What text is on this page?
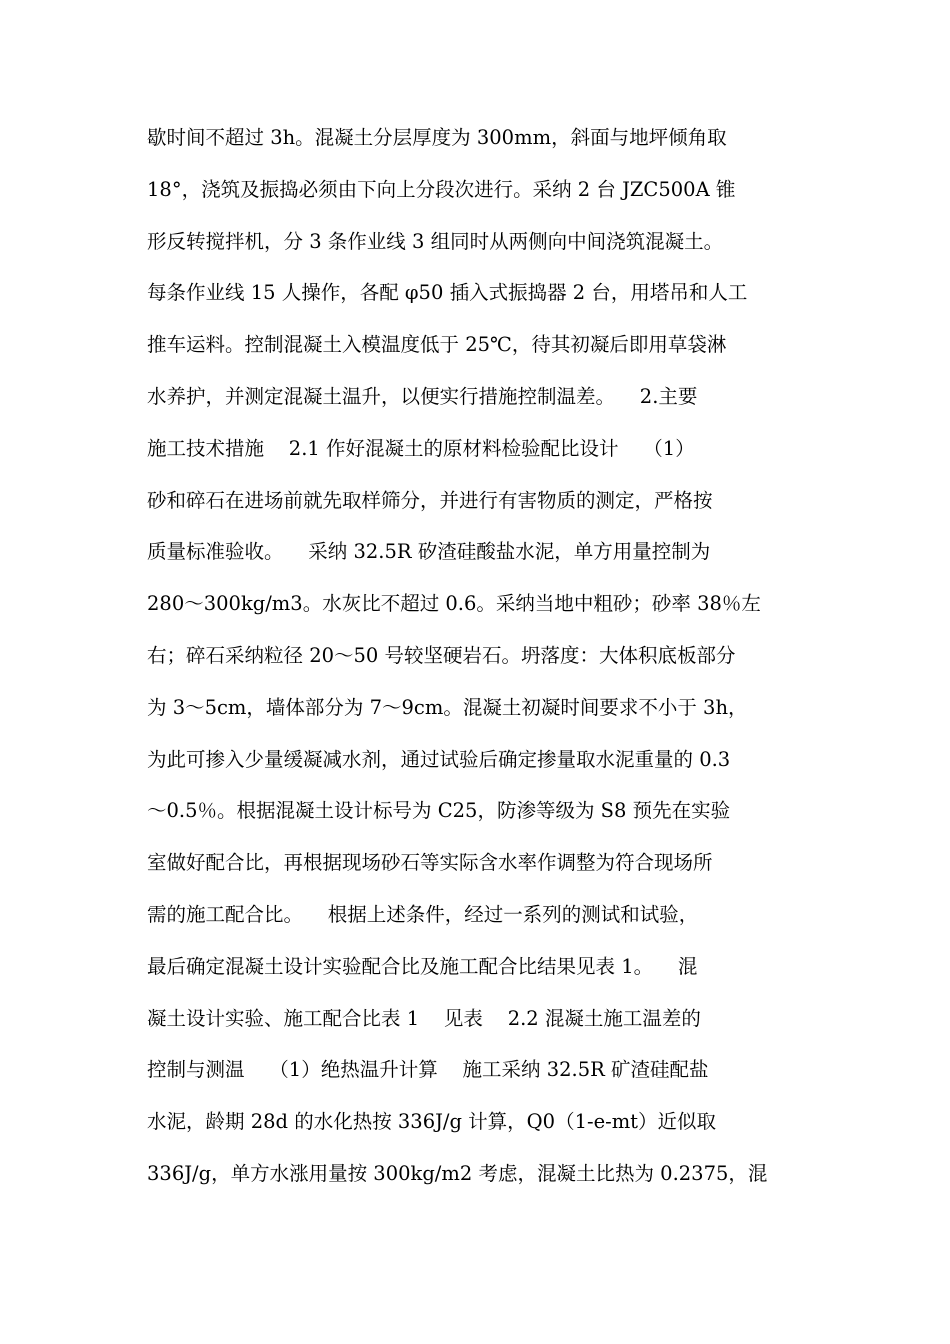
歇时间不超过 3h。混凝土分层厚度为 300mm，斜面与地坪倾角取
18°，浇筑及振捣必须由下向上分段次进行。采纳 2 台 JZC500A 锥
形反转搅拌机，分 3 条作业线 3 组同时从两侧向中间浇筑混凝土。
每条作业线 15 人操作，各配 φ50 插入式振捣器 2 台，用塔吊和人工
推车运料。控制混凝土入模温度低于 25℃，待其初凝后即用草袋淋
水养护，并测定混凝土温升，以便实行措施控制温差。    2.主要
施工技术措施    2.1 作好混凝土的原材料检验配比设计    （1）
砂和碎石在进场前就先取样筛分，并进行有害物质的测定，严格按
质量标准验收。    采纳 32.5R 矽渣硅酸盐水泥，单方用量控制为
280～300kg/m3。水灰比不超过 0.6。采纳当地中粗砂；砂率 38％左
右；碎石采纳粒径 20～50 号较坚硬岩石。坍落度：大体积底板部分
为 3～5cm，墙体部分为 7～9cm。混凝土初凝时间要求不小于 3h，
为此可掺入少量缓凝减水剂，通过试验后确定掺量取水泥重量的 0.3
～0.5％。根据混凝土设计标号为 C25，防渗等级为 S8 预先在实验
室做好配合比，再根据现场砂石等实际含水率作调整为符合现场所
需的施工配合比。    根据上述条件，经过一系列的测试和试验，
最后确定混凝土设计实验配合比及施工配合比结果见表 1。    混
凝土设计实验、施工配合比表 1    见表    2.2 混凝土施工温差的
控制与测温    （1）绝热温升计算    施工采纳 32.5R 矿渣硅配盐
水泥，龄期 28d 的水化热按 336J/g 计算，Q0（1-e-mt）近似取
336J/g，单方水涨用量按 300kg/m2 考虑，混凝土比热为 0.2375，混
